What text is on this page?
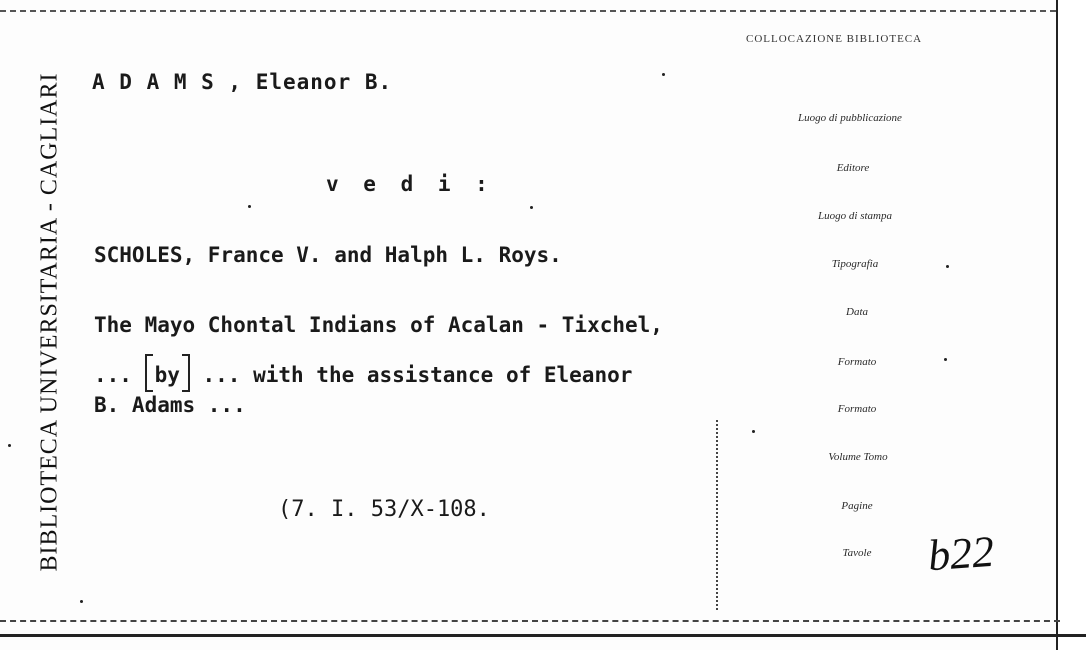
BIBLIOTECA UNIVERSITARIA - CAGLIARI A D A M S , Eleanor B.
v e d i :
SCHOLES, France V. and Halph L. Roys.
The Mayo Chontal Indians of Acalan - Tixchel,
... by ... with the assistance of Eleanor
B. Adams ...
(7. I. 53/X-108.
COLLOCAZIONE BIBLIOTECA
Luogo di pubblicazione
Editore
Luogo di stampa
Tipografia
Data
Formato
Formato
Volume Tomo
Pagine
Tavole b22
